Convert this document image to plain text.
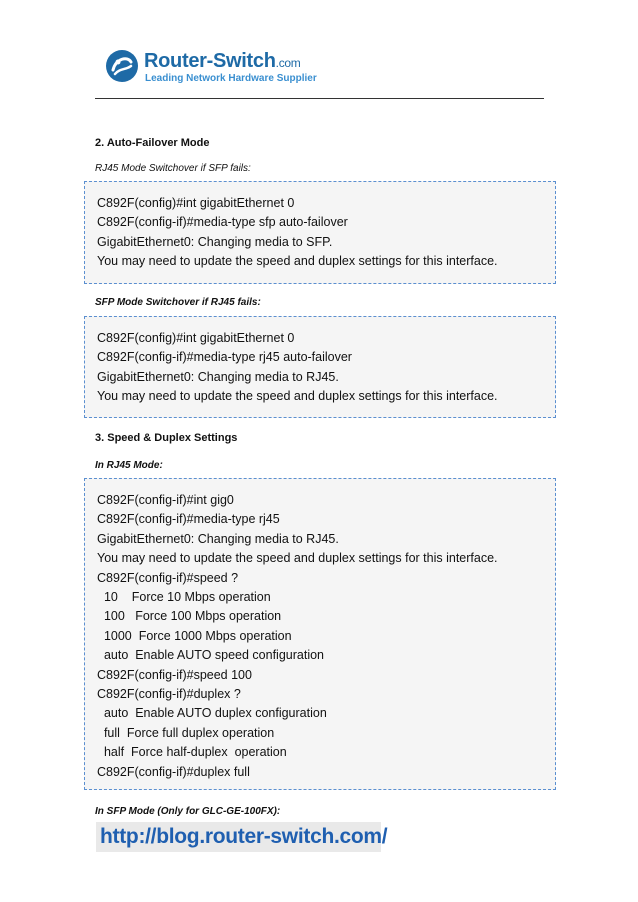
Router-Switch.com
Leading Network Hardware Supplier
2. Auto-Failover Mode
RJ45 Mode Switchover if SFP fails:
C892F(config)#int gigabitEthernet 0
C892F(config-if)#media-type sfp auto-failover
GigabitEthernet0: Changing media to SFP.
You may need to update the speed and duplex settings for this interface.
SFP Mode Switchover if RJ45 fails:
C892F(config)#int gigabitEthernet 0
C892F(config-if)#media-type rj45 auto-failover
GigabitEthernet0: Changing media to RJ45.
You may need to update the speed and duplex settings for this interface.
3. Speed & Duplex Settings
In RJ45 Mode:
C892F(config-if)#int gig0
C892F(config-if)#media-type rj45
GigabitEthernet0: Changing media to RJ45.
You may need to update the speed and duplex settings for this interface.
C892F(config-if)#speed ?
10    Force 10 Mbps operation
100   Force 100 Mbps operation
1000  Force 1000 Mbps operation
auto  Enable AUTO speed configuration
C892F(config-if)#speed 100
C892F(config-if)#duplex ?
auto  Enable AUTO duplex configuration
full  Force full duplex operation
half  Force half-duplex  operation
C892F(config-if)#duplex full
In SFP Mode (Only for GLC-GE-100FX):
http://blog.router-switch.com/
